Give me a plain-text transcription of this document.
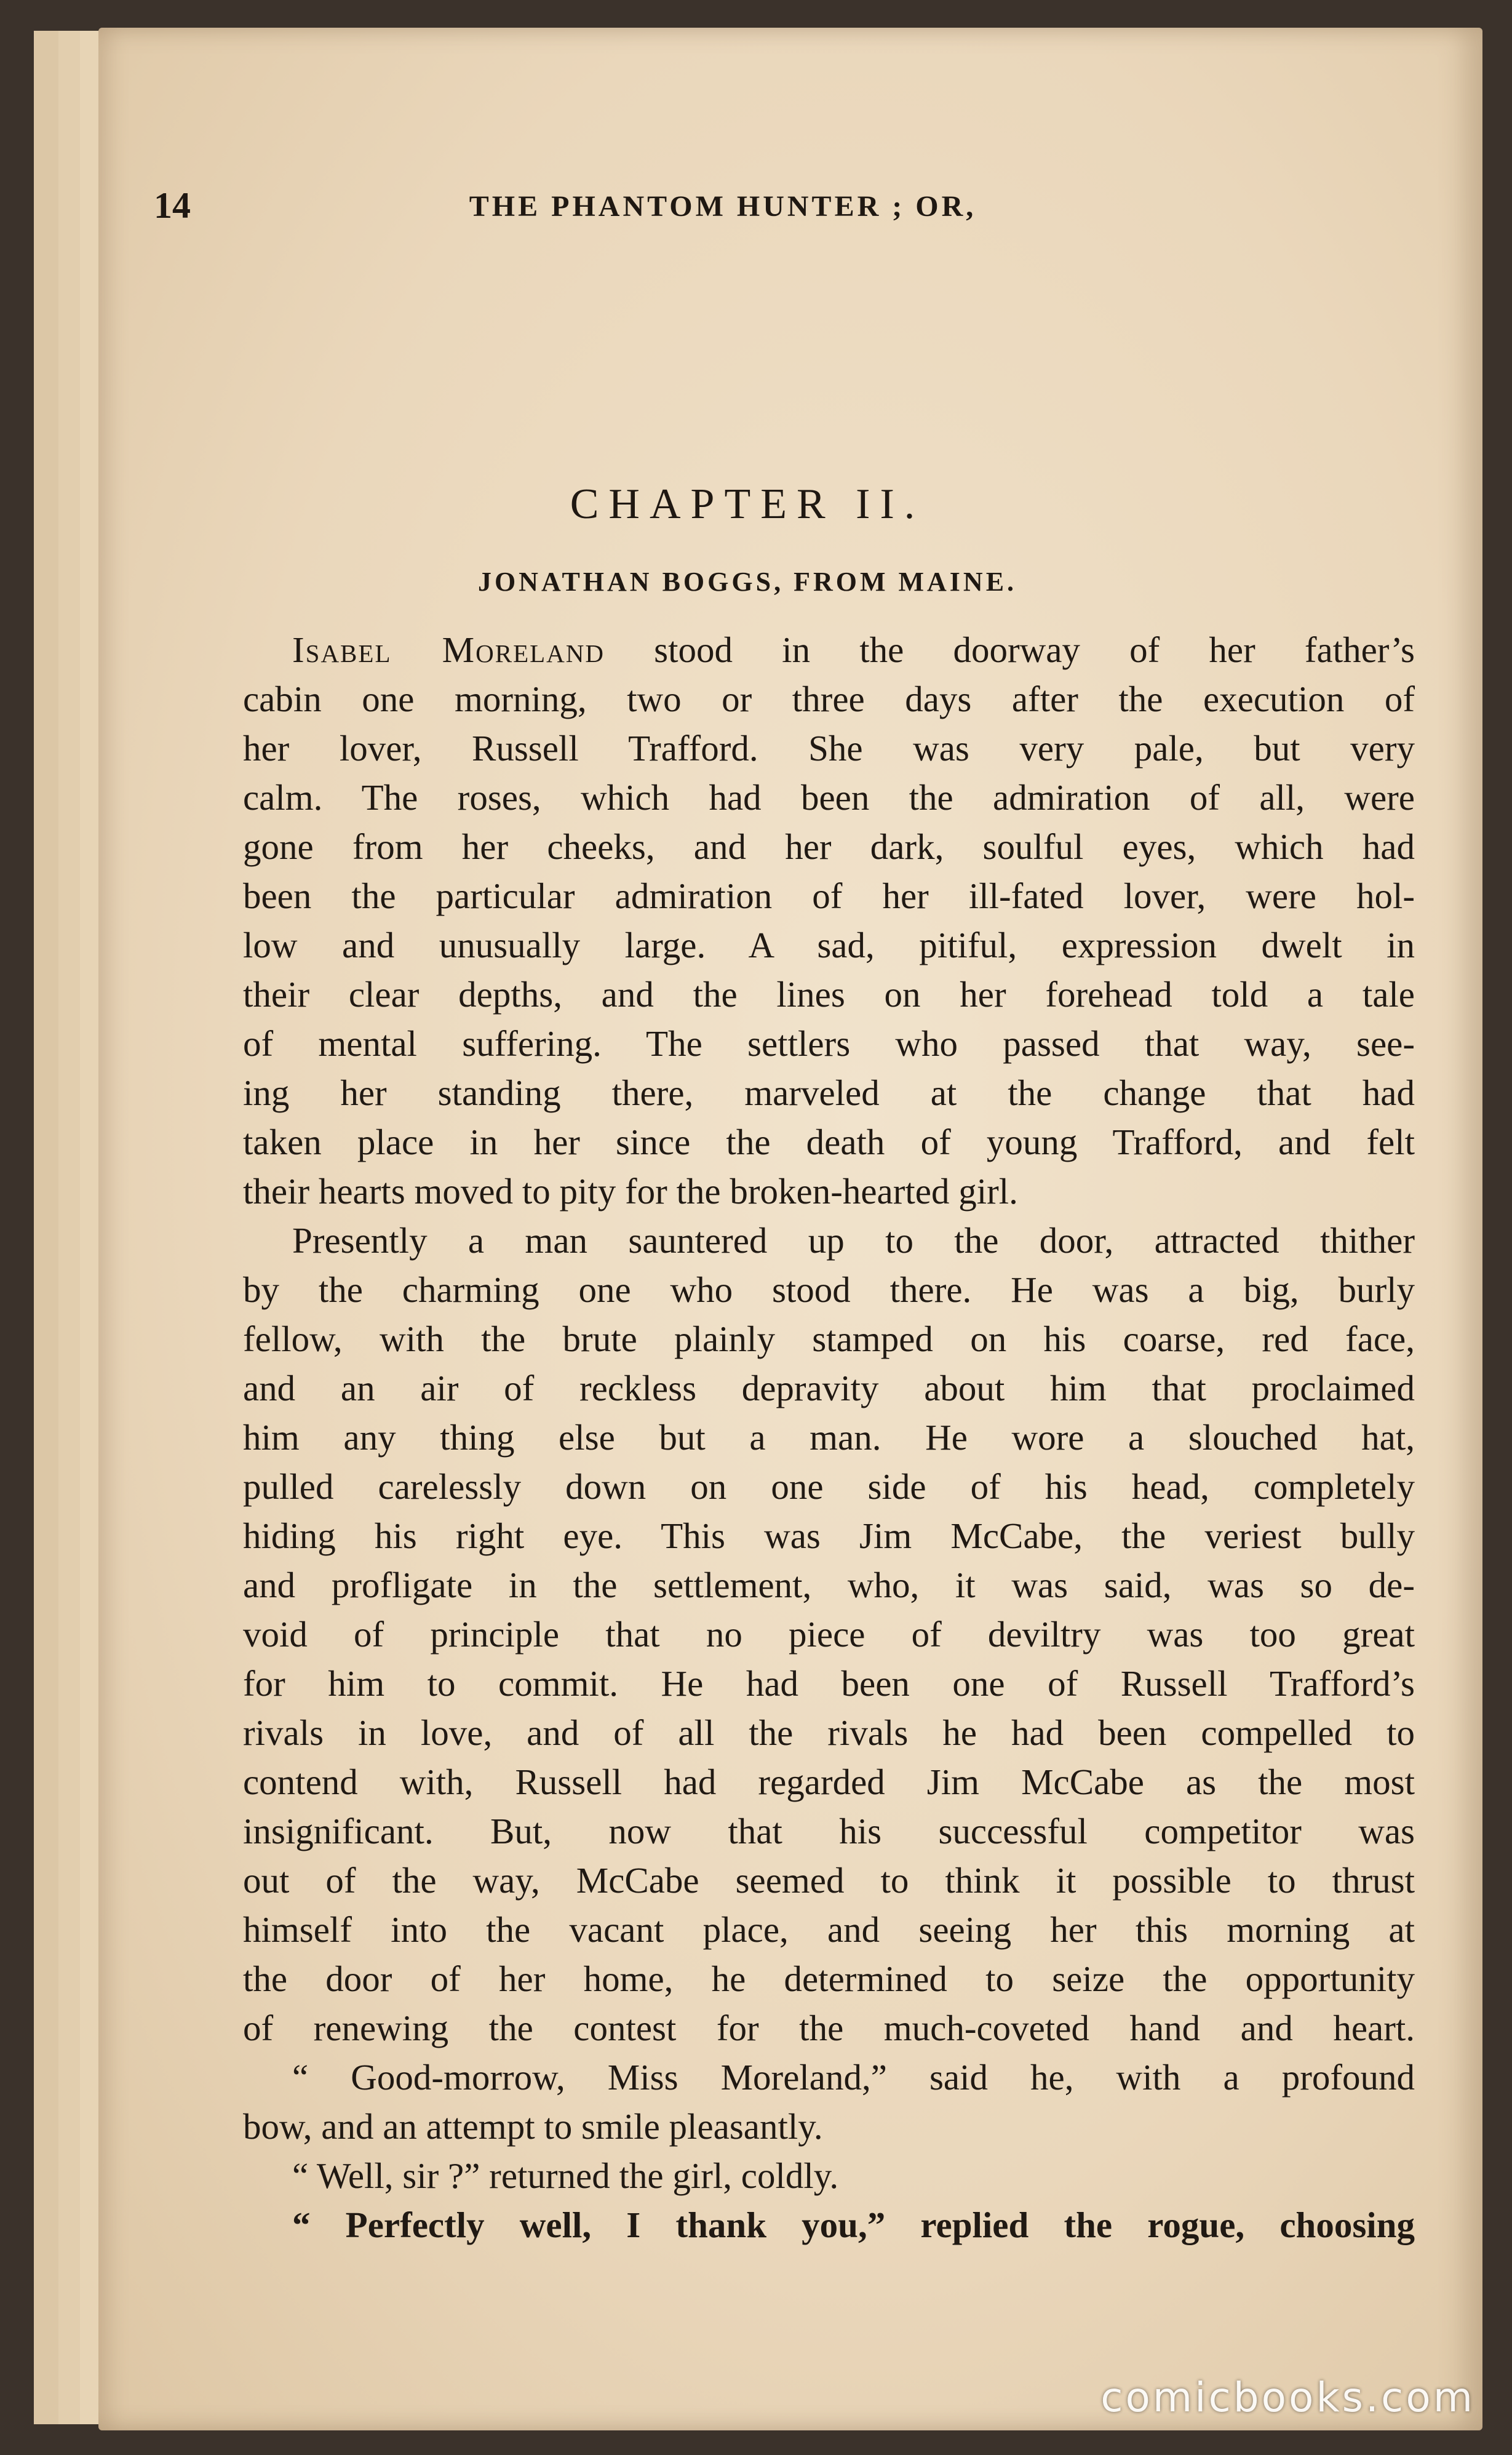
14	THE PHANTOM HUNTER ; OR,
CHAPTER II.
JONATHAN BOGGS, FROM MAINE.
Isabel Moreland stood in the doorway of her father’s
cabin one morning, two or three days after the execution of
her lover, Russell Trafford. She was very pale, but very
calm. The roses, which had been the admiration of all, were
gone from her cheeks, and her dark, soulful eyes, which had
been the particular admiration of her ill-fated lover, were hol-
low and unusually large. A sad, pitiful, expression dwelt in
their clear depths, and the lines on her forehead told a tale
of mental suffering. The settlers who passed that way, see-
ing her standing there, marveled at the change that had
taken place in her since the death of young Trafford, and felt
their hearts moved to pity for the broken-hearted girl.
Presently a man sauntered up to the door, attracted thither
by the charming one who stood there. He was a big, burly
fellow, with the brute plainly stamped on his coarse, red face,
and an air of reckless depravity about him that proclaimed
him any thing else but a man. He wore a slouched hat,
pulled carelessly down on one side of his head, completely
hiding his right eye. This was Jim McCabe, the veriest bully
and profligate in the settlement, who, it was said, was so de-
void of principle that no piece of deviltry was too great
for him to commit. He had been one of Russell Trafford’s
rivals in love, and of all the rivals he had been compelled to
contend with, Russell had regarded Jim McCabe as the most
insignificant. But, now that his successful competitor was
out of the way, McCabe seemed to think it possible to thrust
himself into the vacant place, and seeing her this morning at
the door of her home, he determined to seize the opportunity
of renewing the contest for the much-coveted hand and heart.
“ Good-morrow, Miss Moreland,” said he, with a profound
bow, and an attempt to smile pleasantly.
“ Well, sir ?” returned the girl, coldly.
“ Perfectly well, I thank you,” replied the rogue, choosing
comicbooks.com
